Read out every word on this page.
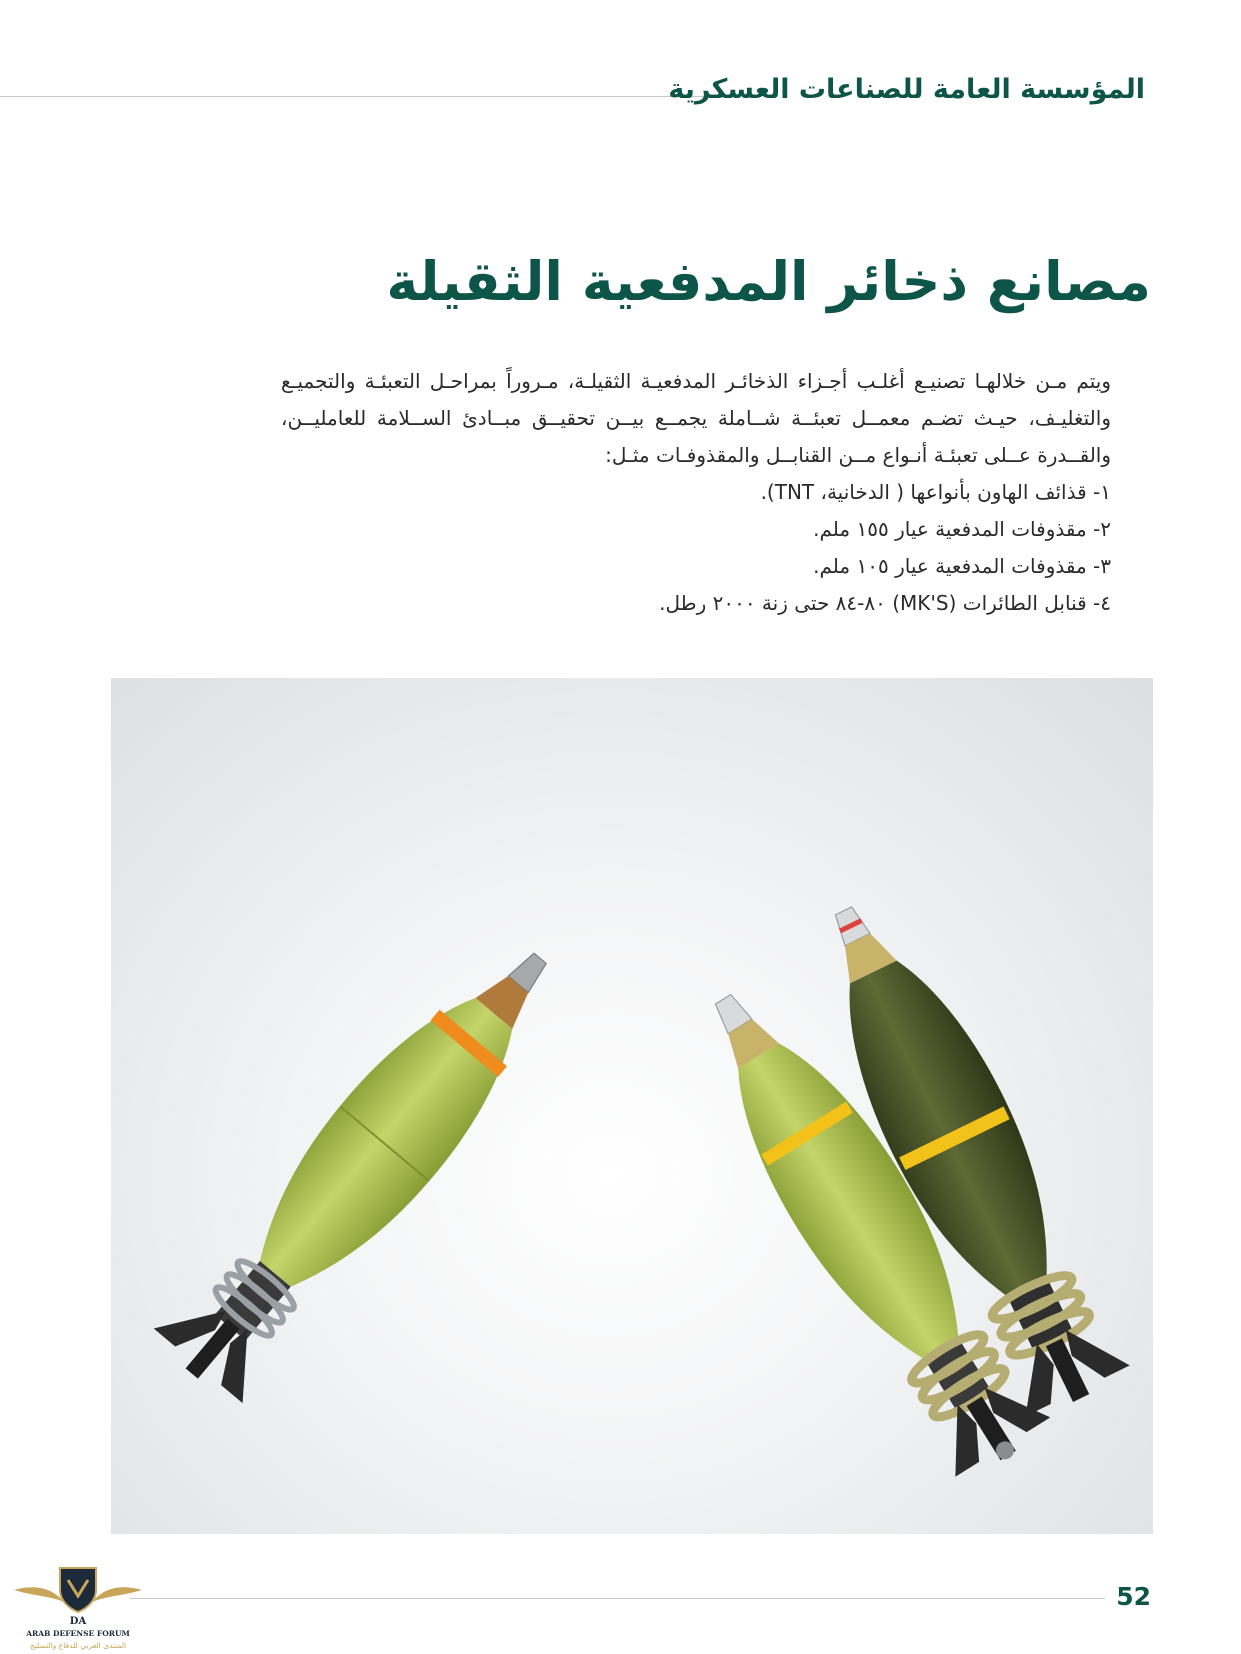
المؤسسة العامة للصناعات العسكرية
مصانع ذخائر المدفعية الثقيلة

ويتم مـن خلالهـا تصنيـع أغلـب أجـزاء الذخائـر المدفعيـة الثقيلـة، مـروراً بمراحـل التعبئـة والتجميـع والتغليـف، حيـث تضـم معمــل تعبئــة شــاملة يجمــع بيــن تحقيــق مبــادئ الســلامة للعامليــن، والقــدرة عــلى تعبئـة أنـواع مــن القنابــل والمقذوفـات مثـل:

١- قذائف الهاون بأنواعها ( الدخانية، TNT).
٢- مقذوفات المدفعية عيار ١٥٥ ملم.
٣- مقذوفات المدفعية عيار ١٠٥ ملم.
٤- قنابل الطائرات (MK'S) ٨٠-٨٤ حتى زنة ٢٠٠٠ رطل.
52
DA
ARAB DEFENSE FORUM
المنتدى العربي للدفاع والتسليح
